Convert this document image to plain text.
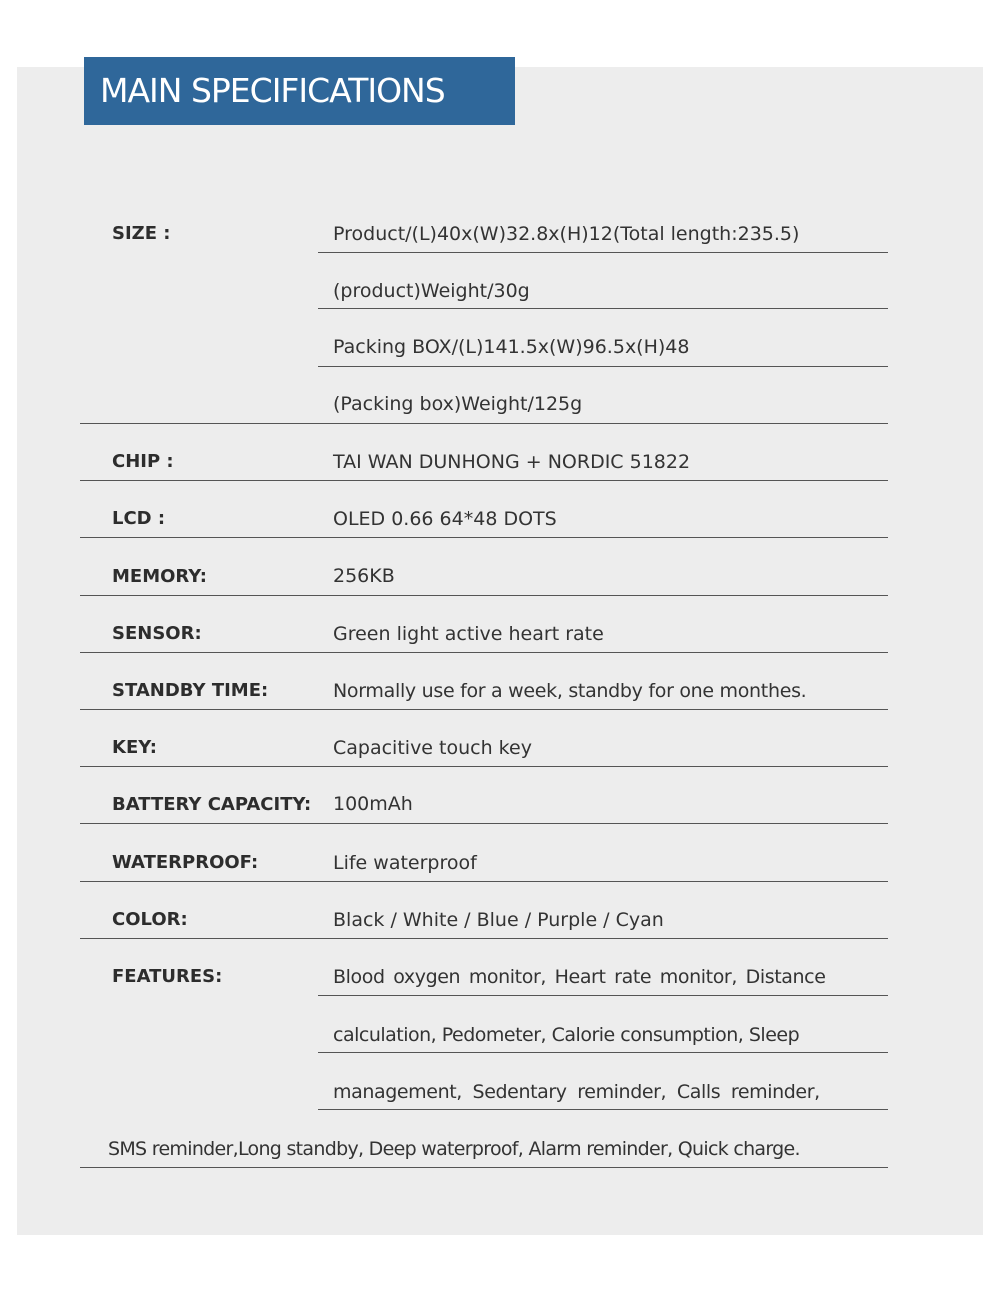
MAIN SPECIFICATIONS
SIZE :	Product/(L)40x(W)32.8x(H)12(Total length:235.5)
(product)Weight/30g
Packing BOX/(L)141.5x(W)96.5x(H)48
(Packing box)Weight/125g
CHIP :	TAI WAN DUNHONG + NORDIC 51822
LCD :	OLED 0.66 64*48 DOTS
MEMORY:	256KB
SENSOR:	Green light active heart rate
STANDBY TIME:	Normally use for a week, standby for one monthes.
KEY:	Capacitive touch key
BATTERY CAPACITY: 100mAh
WATERPROOF:	Life waterproof
COLOR:	Black / White / Blue / Purple / Cyan
FEATURES:	Blood oxygen monitor, Heart rate monitor, Distance
calculation, Pedometer, Calorie consumption, Sleep
management, Sedentary reminder, Calls reminder,
SMS reminder,Long standby, Deep waterproof, Alarm reminder, Quick charge.
